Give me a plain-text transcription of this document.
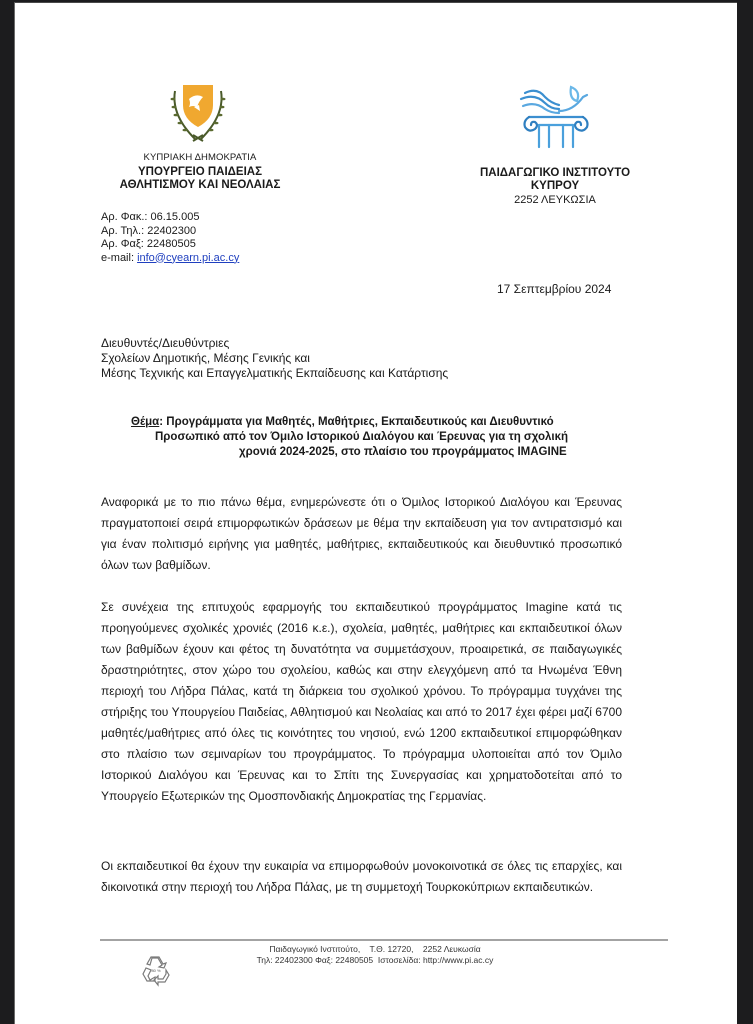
ΚΥΠΡΙΑΚΗ ΔΗΜΟΚΡΑΤΙΑ
ΥΠΟΥΡΓΕΙΟ ΠΑΙΔΕΙΑΣ
ΑΘΛΗΤΙΣΜΟΥ ΚΑΙ ΝΕΟΛΑΙΑΣ
Αρ. Φακ.: 06.15.005
Αρ. Τηλ.: 22402300
Αρ. Φαξ: 22480505
e-mail: info@cyearn.pi.ac.cy
ΠΑΙΔΑΓΩΓΙΚΟ ΙΝΣΤΙΤΟΥΤΟ
ΚΥΠΡΟΥ
2252 ΛΕΥΚΩΣΙΑ
17 Σεπτεμβρίου 2024
Διευθυντές/Διευθύντριες
Σχολείων Δημοτικής, Μέσης Γενικής και
Μέσης Τεχνικής και Επαγγελματικής Εκπαίδευσης και Κατάρτισης
Θέμα: Προγράμματα για Μαθητές, Μαθήτριες, Εκπαιδευτικούς και Διευθυντικό
Προσωπικό από τον Όμιλο Ιστορικού Διαλόγου και Έρευνας για τη σχολική
χρονιά 2024-2025, στο πλαίσιο του προγράμματος IMAGINE

Αναφορικά με το πιο πάνω θέμα, ενημερώνεστε ότι ο Όμιλος Ιστορικού Διαλόγου και Έρευνας πραγματοποιεί σειρά επιμορφωτικών δράσεων με θέμα την εκπαίδευση για τον αντιρατσισμό και για έναν πολιτισμό ειρήνης για μαθητές, μαθήτριες, εκπαιδευτικούς και διευθυντικό προσωπικό όλων των βαθμίδων.

Σε συνέχεια της επιτυχούς εφαρμογής του εκπαιδευτικού προγράμματος Imagine κατά τις προηγούμενες σχολικές χρονιές (2016 κ.ε.), σχολεία, μαθητές, μαθήτριες και εκπαιδευτικοί όλων των βαθμίδων έχουν και φέτος τη δυνατότητα να συμμετάσχουν, προαιρετικά, σε παιδαγωγικές δραστηριότητες, στον χώρο του σχολείου, καθώς και στην ελεγχόμενη από τα Ηνωμένα Έθνη περιοχή του Λήδρα Πάλας, κατά τη διάρκεια του σχολικού χρόνου. Το πρόγραμμα τυγχάνει της στήριξης του Υπουργείου Παιδείας, Αθλητισμού και Νεολαίας και από το 2017 έχει φέρει μαζί 6700 μαθητές/μαθήτριες από όλες τις κοινότητες του νησιού, ενώ 1200 εκπαιδευτικοί επιμορφώθηκαν στο πλαίσιο των σεμιναρίων του προγράμματος. Το πρόγραμμα υλοποιείται από τον Όμιλο Ιστορικού Διαλόγου και Έρευνας και το Σπίτι της Συνεργασίας και χρηματοδοτείται από το Υπουργείο Εξωτερικών της Ομοσπονδιακής Δημοκρατίας της Γερμανίας.

Οι εκπαιδευτικοί θα έχουν την ευκαιρία να επιμορφωθούν μονοκοινοτικά σε όλες τις επαρχίες, και δικοινοτικά στην περιοχή του Λήδρα Πάλας, με τη συμμετοχή Τουρκοκύπριων εκπαιδευτικών.

80 %
Παιδαγωγικό Ινστιτούτο,    Τ.Θ. 12720,    2252 Λευκωσία
Τηλ: 22402300 Φαξ: 22480505  Ιστοσελίδα: http://www.pi.ac.cy
